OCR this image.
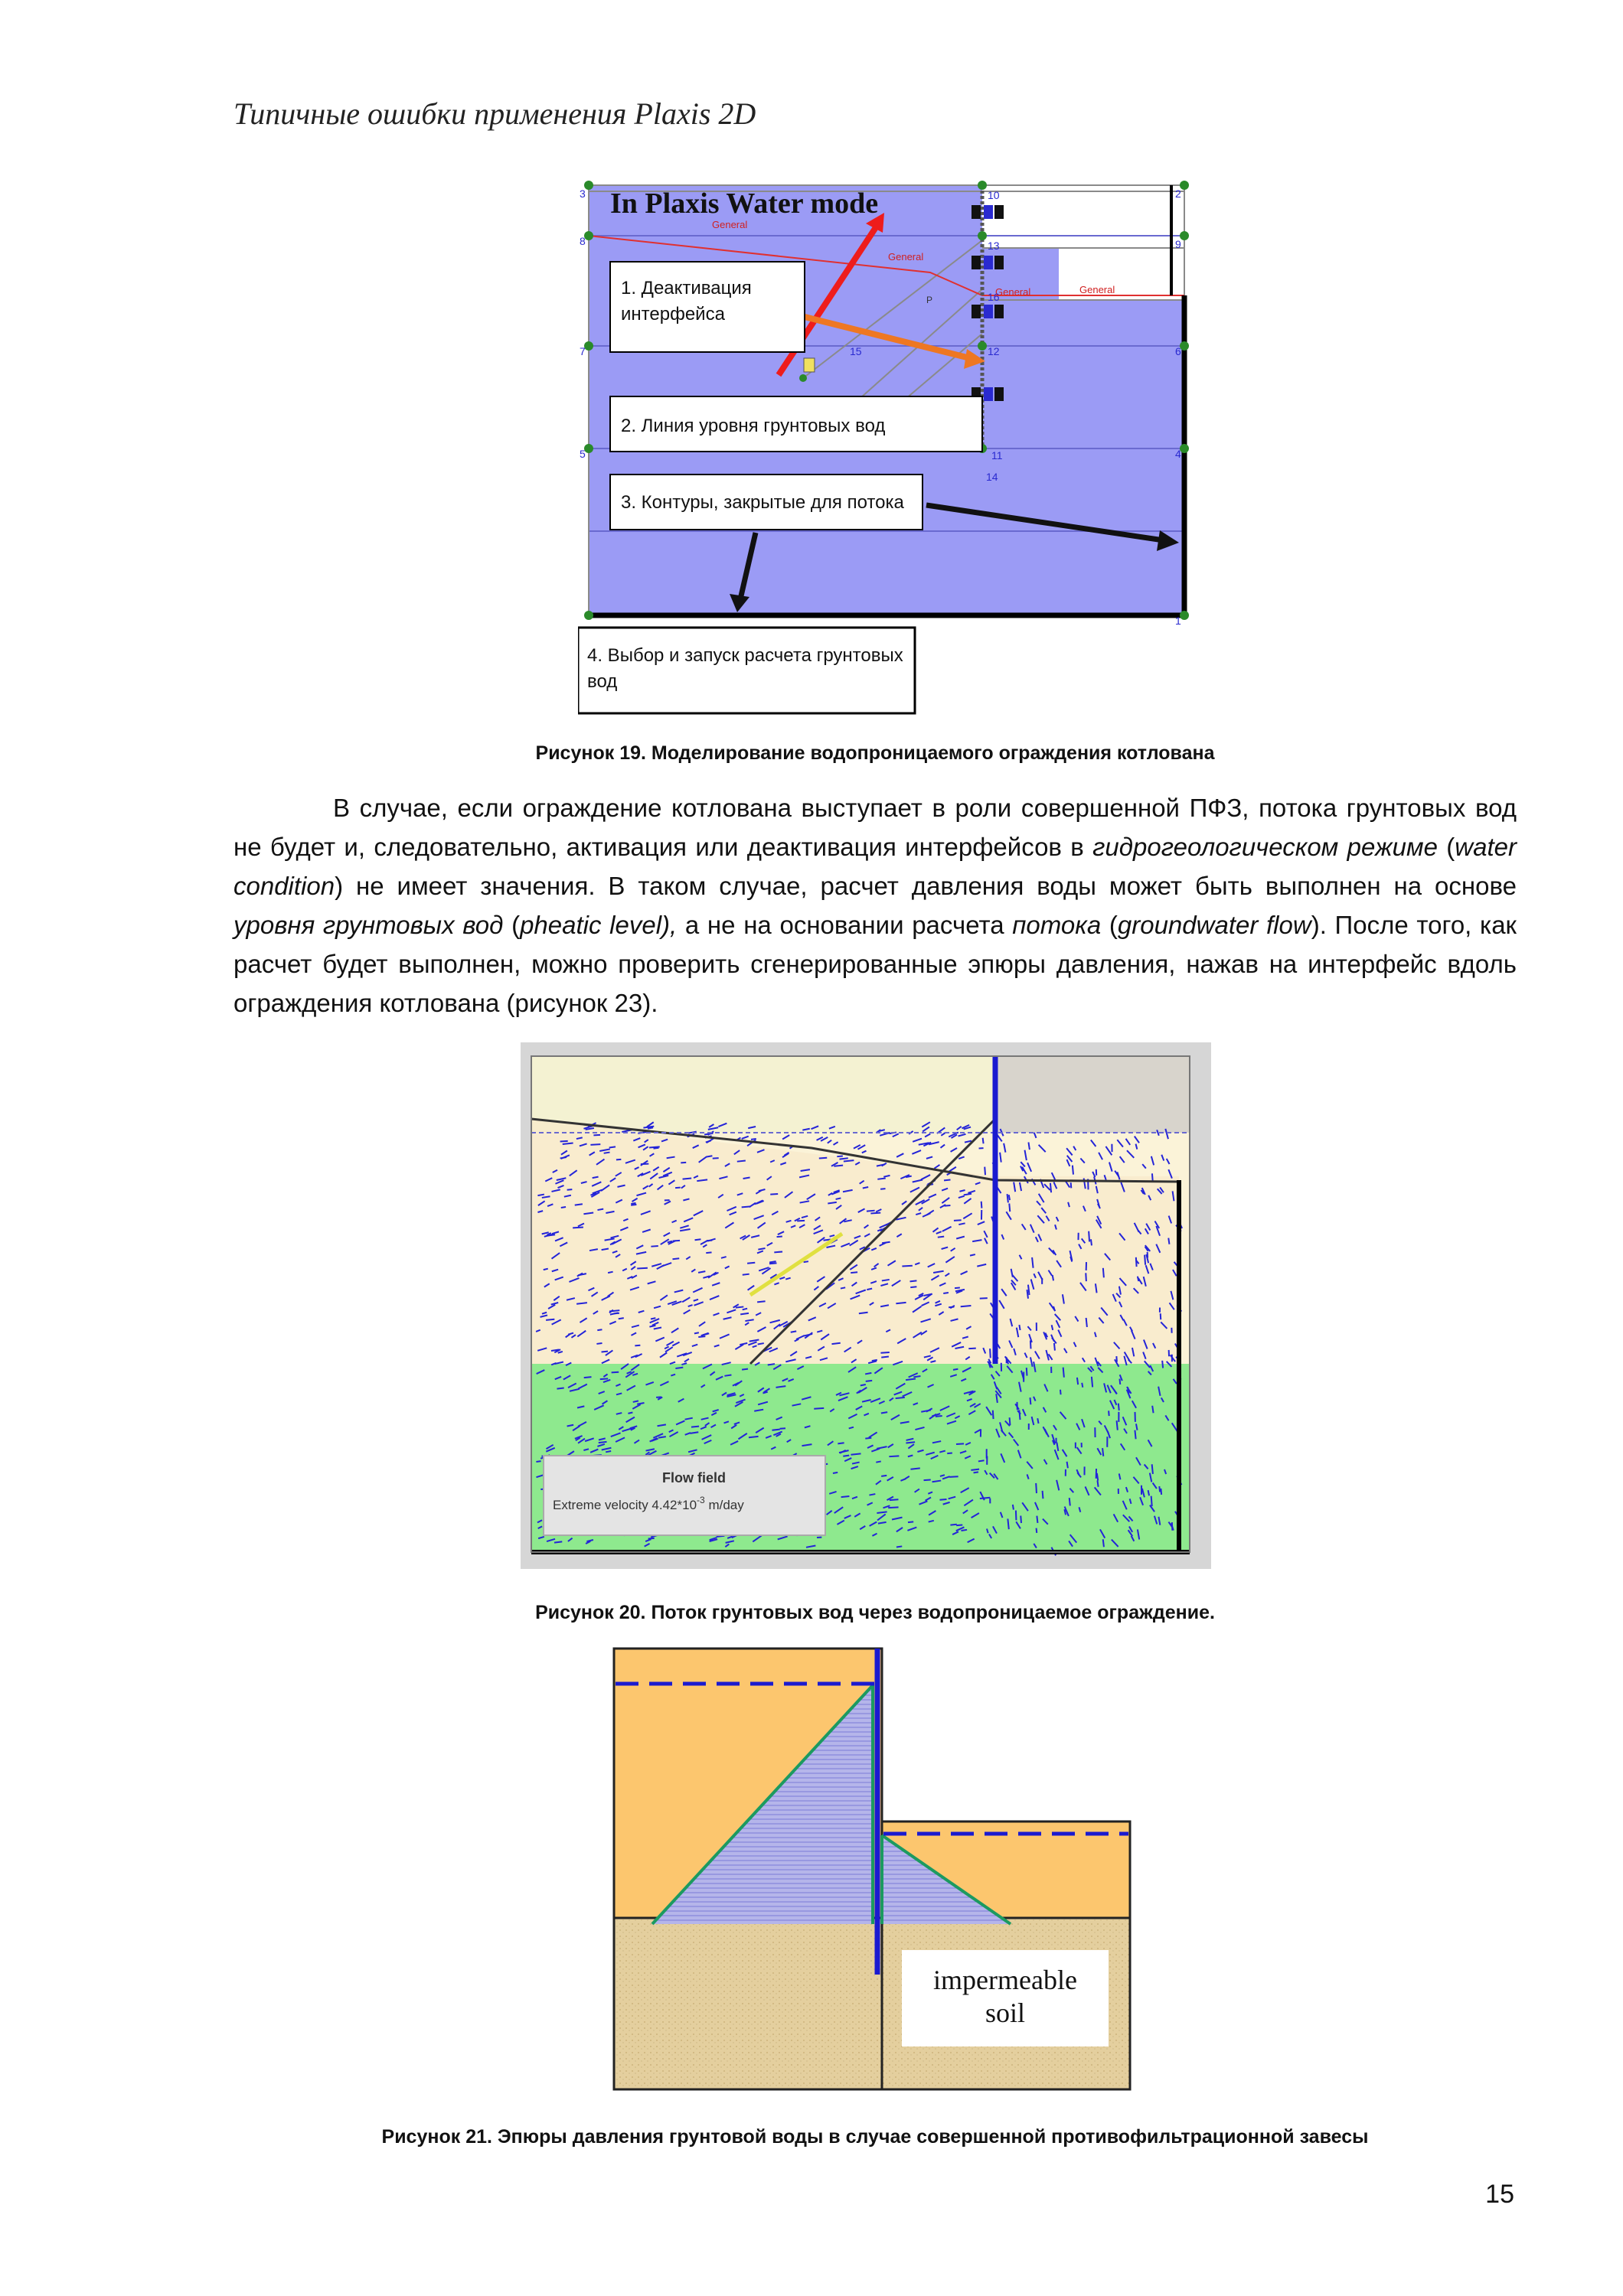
Типичные ошибки применения Plaxis 2D
General
General
General	General
P
10
13
16
12
15
11
14
5
8
7
4
3	2
9
6
1
In Plaxis Water mode
1. Деактивация
интерфейса
2. Линия уровня грунтовых вод
3. Контуры, закрытые для потока
4. Выбор и запуск расчета грунтовых
вод
Рисунок 19. Моделирование водопроницаемого ограждения котлована

В случае, если ограждение котлована выступает в роли совершенной ПФЗ, потока грунтовых вод не будет и, следовательно, активация или деактивация интерфейсов в гидрогеологическом режиме (water condition) не имеет значения. В таком случае, расчет давления воды может быть выполнен на основе уровня грунтовых вод (pheatic level), а не на основании расчета потока (groundwater flow). После того, как расчет будет выполнен, можно проверить сгенерированные эпюры давления, нажав на интерфейс вдоль ограждения котлована (рисунок 23).

Flow field
Extreme velocity $4.42*10^{-3}$ m/day
Рисунок 20. Поток грунтовых вод через водопроницаемое ограждение.
impermeable
soil
Рисунок 21. Эпюры давления грунтовой воды в случае совершенной противофильтрационной завесы
15
